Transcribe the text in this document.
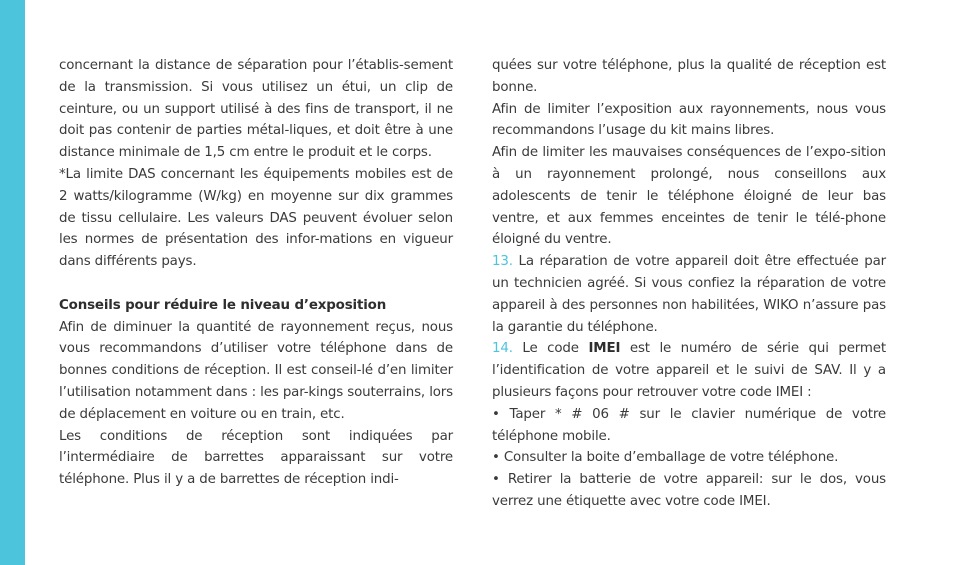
concernant la distance de séparation pour l’établis-sement de la transmission. Si vous utilisez un étui, un clip de ceinture, ou un support utilisé à des fins de transport, il ne doit pas contenir de parties métal-liques, et doit être à une distance minimale de 1,5 cm entre le produit et le corps.

*La limite DAS concernant les équipements mobiles est de 2 watts/kilogramme (W/kg) en moyenne sur dix grammes de tissu cellulaire. Les valeurs DAS peuvent évoluer selon les normes de présentation des infor-mations en vigueur dans différents pays.

Conseils pour réduire le niveau d’exposition

Afin de diminuer la quantité de rayonnement reçus, nous vous recommandons d’utiliser votre téléphone dans de bonnes conditions de réception. Il est conseil-lé d’en limiter l’utilisation notamment dans : les par-kings souterrains, lors de déplacement en voiture ou en train, etc.

Les conditions de réception sont indiquées par l’intermédiaire de barrettes apparaissant sur votre téléphone. Plus il y a de barrettes de réception indi-

quées sur votre téléphone, plus la qualité de réception est bonne.

Afin de limiter l’exposition aux rayonnements, nous vous recommandons l’usage du kit mains libres.

Afin de limiter les mauvaises conséquences de l’expo-sition à un rayonnement prolongé, nous conseillons aux adolescents de tenir le téléphone éloigné de leur bas ventre, et aux femmes enceintes de tenir le télé-phone éloigné du ventre.

13. La réparation de votre appareil doit être effectuée par un technicien agréé. Si vous confiez la réparation de votre appareil à des personnes non habilitées, WIKO n’assure pas la garantie du téléphone.

14. Le code IMEI est le numéro de série qui permet l’identification de votre appareil et le suivi de SAV. Il y a plusieurs façons pour retrouver votre code IMEI :

• Taper * # 06 # sur le clavier numérique de votre téléphone mobile.

• Consulter la boite d’emballage de votre téléphone.

• Retirer la batterie de votre appareil: sur le dos, vous verrez une étiquette avec votre code IMEI.
